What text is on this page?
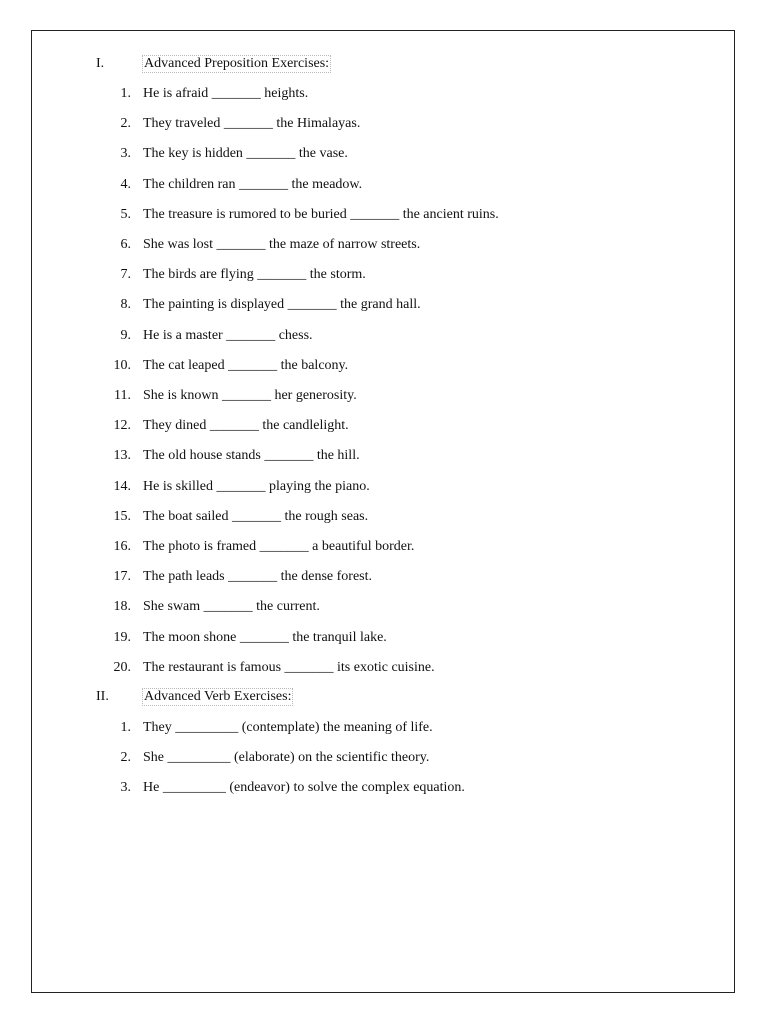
I.	Advanced Preposition Exercises:
1. He is afraid _______ heights.
2. They traveled _______ the Himalayas.
3. The key is hidden _______ the vase.
4. The children ran _______ the meadow.
5. The treasure is rumored to be buried _______ the ancient ruins.
6. She was lost _______ the maze of narrow streets.
7. The birds are flying _______ the storm.
8. The painting is displayed _______ the grand hall.
9. He is a master _______ chess.
10. The cat leaped _______ the balcony.
11. She is known _______ her generosity.
12. They dined _______ the candlelight.
13. The old house stands _______ the hill.
14. He is skilled _______ playing the piano.
15. The boat sailed _______ the rough seas.
16. The photo is framed _______ a beautiful border.
17. The path leads _______ the dense forest.
18. She swam _______ the current.
19. The moon shone _______ the tranquil lake.
20. The restaurant is famous _______ its exotic cuisine.
II.	Advanced Verb Exercises:
1. They _________ (contemplate) the meaning of life.
2. She _________ (elaborate) on the scientific theory.
3. He _________ (endeavor) to solve the complex equation.
